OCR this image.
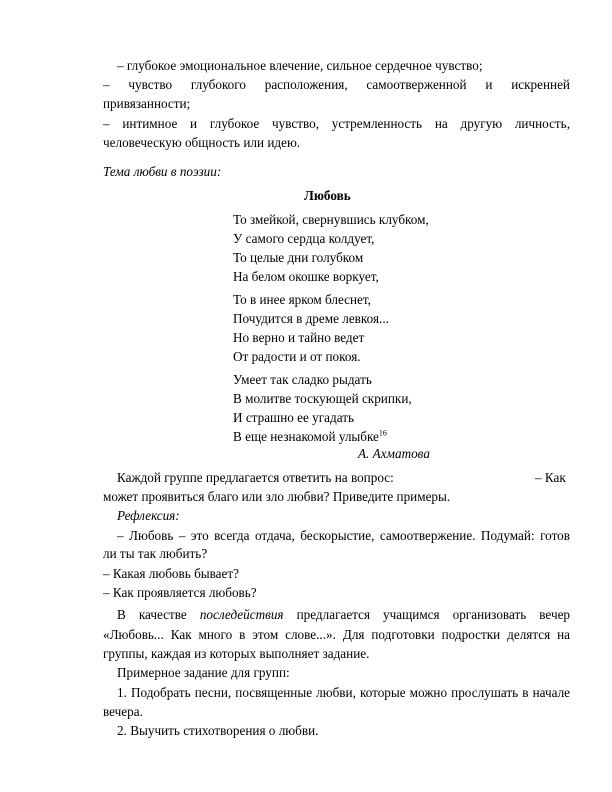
– глубокое эмоциональное влечение, сильное сердечное чувство;
– чувство глубокого расположения, самоотверженной и искренней
привязанности;
– интимное и глубокое чувство, устремленность на другую личность,
человеческую общность или идею.
Тема любви в поэзии:
Любовь
То змейкой, свернувшись клубком,
У самого сердца колдует,
То целые дни голубком
На белом окошке воркует,
То в инее ярком блеснет,
Почудится в дреме левкоя...
Но верно и тайно ведет
От радости и от покоя.
Умеет так сладко рыдать
В молитве тоскующей скрипки,
И страшно ее угадать
В еще незнакомой улыбке$^{16}$
А. Ахматова
Каждой группе предлагается ответить на вопрос:	– Как
может проявиться благо или зло любви? Приведите примеры.
Рефлексия:
– Любовь – это всегда отдача, бескорыстие, самоотвержение. Подумай: готов
ли ты так любить?
– Какая любовь бывает?
– Как проявляется любовь?
В качестве последействия предлагается учащимся организовать вечер
«Любовь... Как много в этом слове...». Для подготовки подростки делятся на
группы, каждая из которых выполняет задание.
Примерное задание для групп:
1. Подобрать песни, посвященные любви, которые можно прослушать в начале
вечера.
2. Выучить стихотворения о любви.
